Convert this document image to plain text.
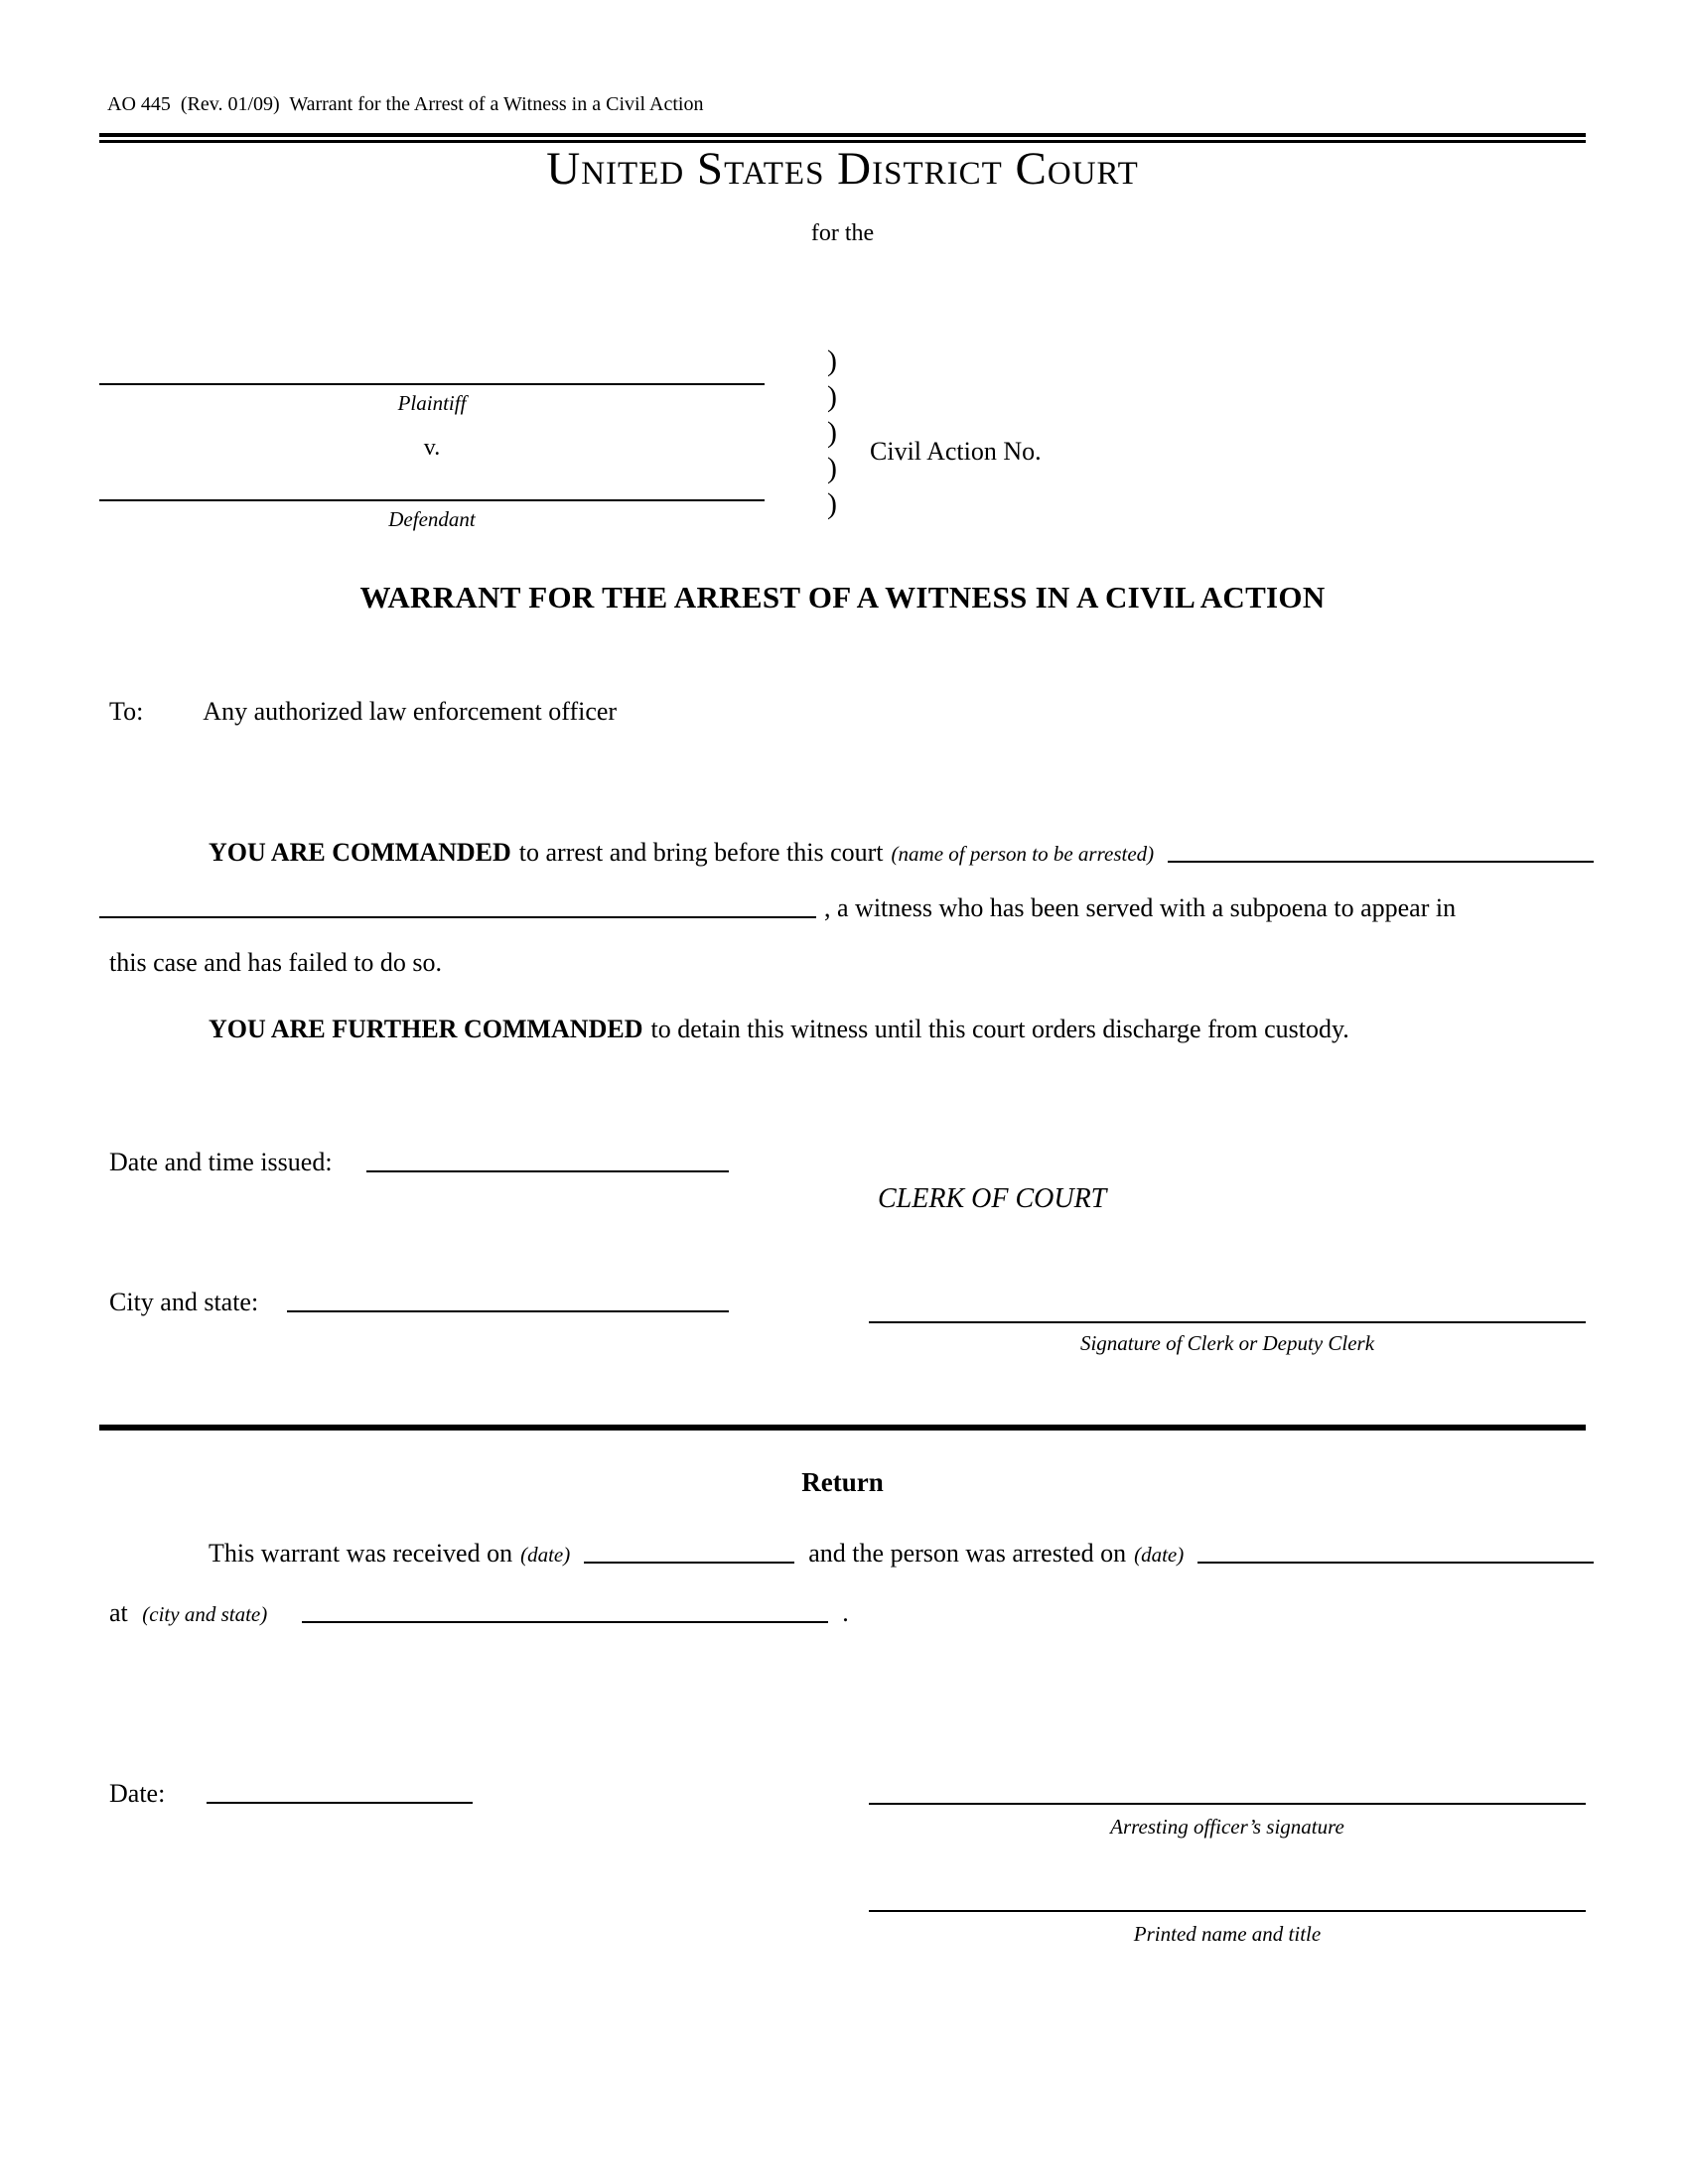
AO 445  (Rev. 01/09)  Warrant for the Arrest of a Witness in a Civil Action
United States District Court
for the
Plaintiff
v.
Defendant
)
)
)
)
)
Civil Action No.
WARRANT FOR THE ARREST OF A WITNESS IN A CIVIL ACTION
To: Any authorized law enforcement officer
YOU ARE COMMANDED to arrest and bring before this court (name of person to be arrested)
, a witness who has been served with a subpoena to appear in
this case and has failed to do so.
YOU ARE FURTHER COMMANDED to detain this witness until this court orders discharge from custody.
Date and time issued:
CLERK OF COURT
City and state:
Signature of Clerk or Deputy Clerk
Return
This warrant was received on (date)	and the person was arrested on (date)
at (city and state)	.
Date:
Arresting officer’s signature
Printed name and title
